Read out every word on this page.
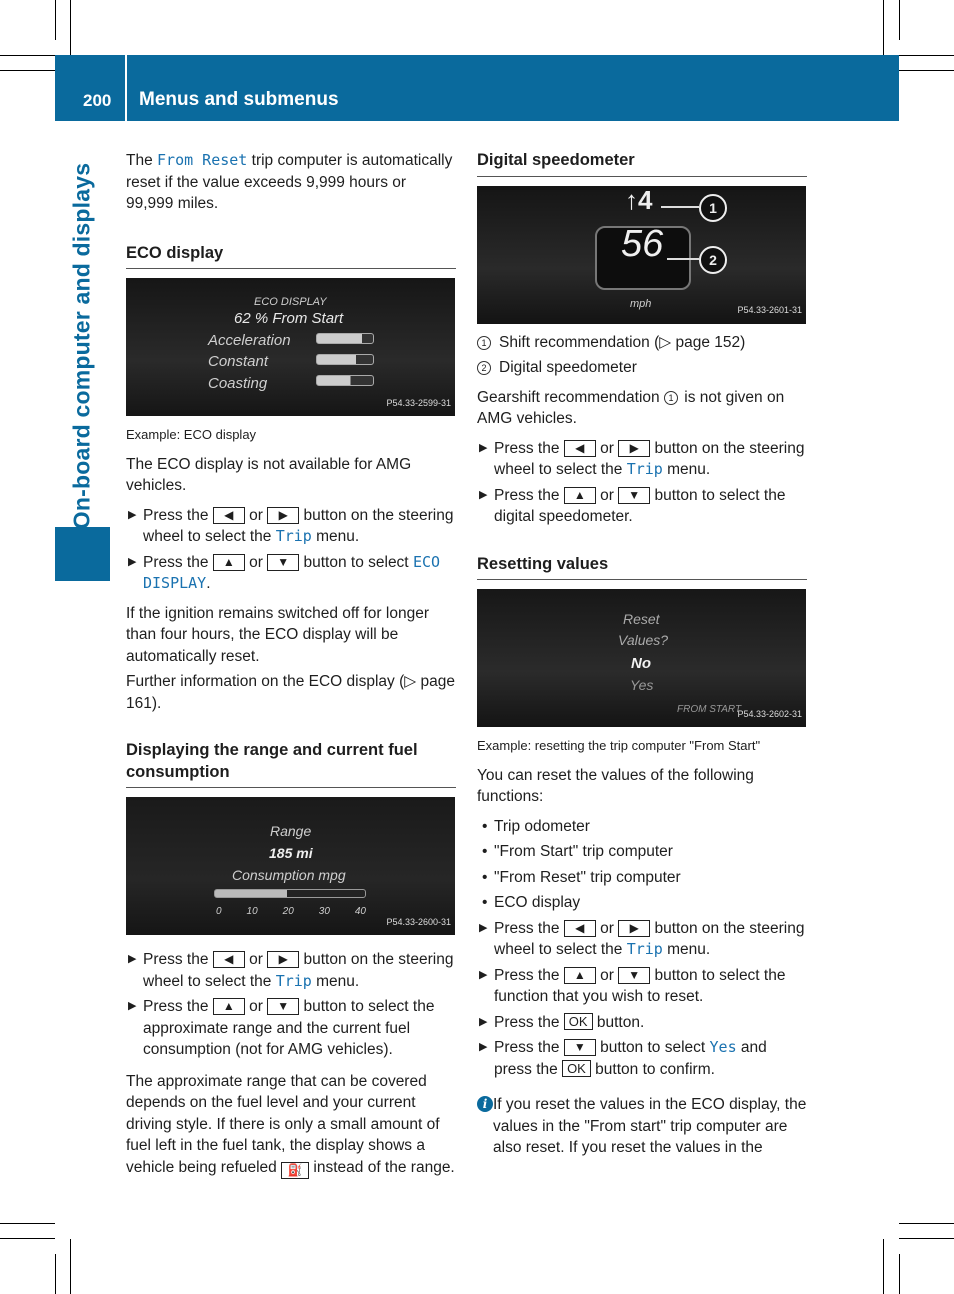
200	Menus and submenus
On-board computer and displays

The From Reset trip computer is automatically reset if the value exceeds 9,999 hours or 99,999 miles.

ECO display
ECO DISPLAY
62 % From Start
Acceleration
Constant
Coasting
P54.33-2599-31

Example: ECO display

The ECO display is not available for AMG vehicles.

▶ Press the ◀ or ▶ button on the steering wheel to select the Trip menu.

▶ Press the ▲ or ▼ button to select ECO DISPLAY.

If the ignition remains switched off for longer than four hours, the ECO display will be automatically reset.

Further information on the ECO display (▷ page 161).

Displaying the range and current fuel consumption
Range
185 mi
Consumption mpg
0 10 20 30 40
P54.33-2600-31

▶ Press the ◀ or ▶ button on the steering wheel to select the Trip menu.

▶ Press the ▲ or ▼ button to select the approximate range and the current fuel consumption (not for AMG vehicles).

The approximate range that can be covered depends on the fuel level and your current driving style. If there is only a small amount of fuel left in the fuel tank, the display shows a vehicle being refueled ⛽ instead of the range.

Digital speedometer
↑4	1
56	2
mph
P54.33-2601-31

1 Shift recommendation (▷ page 152)

2 Digital speedometer

Gearshift recommendation 1 is not given on AMG vehicles.

▶ Press the ◀ or ▶ button on the steering wheel to select the Trip menu.

▶ Press the ▲ or ▼ button to select the digital speedometer.

Resetting values
Reset
Values?
No
Yes
FROM START
P54.33-2602-31

Example: resetting the trip computer "From Start"

You can reset the values of the following functions:

• Trip odometer

• "From Start" trip computer

• "From Reset" trip computer

• ECO display

▶ Press the ◀ or ▶ button on the steering wheel to select the Trip menu.

▶ Press the ▲ or ▼ button to select the function that you wish to reset.

▶ Press the OK button.

▶ Press the ▼ button to select Yes and press the OK button to confirm.

i If you reset the values in the ECO display, the values in the "From start" trip computer are also reset. If you reset the values in the
